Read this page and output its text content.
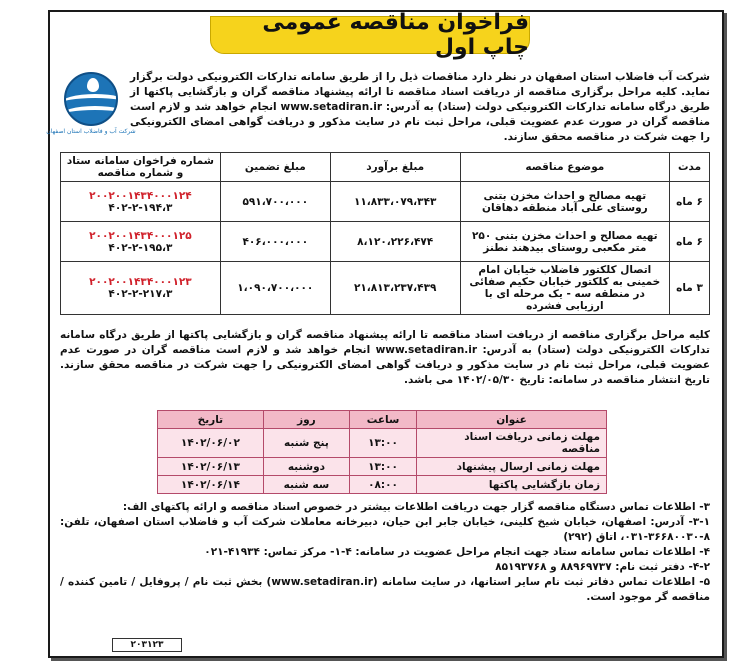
فراخوان مناقصه عمومی چاپ اول
شرکت آب و فاضلاب استان اصفهان
شرکت آب فاضلاب استان اصفهان در نظر دارد مناقصات ذیل را از طریق سامانه تدارکات الکترونیکی دولت برگزار نماید. کلیه مراحل برگزاری مناقصه از دریافت اسناد مناقصه تا ارائه پیشنهاد مناقصه گران و بازگشایی پاکتها از طریق درگاه سامانه تدارکات الکترونیکی دولت (ستاد) به آدرس: www.setadiran.ir انجام خواهد شد و لازم است مناقصه گران در صورت عدم عضویت قبلی، مراحل ثبت نام در سایت مذکور و دریافت گواهی امضای الکترونیکی را جهت شرکت در مناقصه محقق سازند.
مدت	موضوع مناقصه	مبلغ برآورد	مبلغ تضمین	شماره فراخوان سامانه ستاد و شماره مناقصه
۶ ماه	تهیه مصالح و احداث مخزن بتنی روستای علی آباد منطقه دهاقان	۱۱،۸۳۳،۰۷۹،۳۴۳	۵۹۱،۷۰۰،۰۰۰	۲۰۰۲۰۰۱۴۳۴۰۰۰۱۲۴
۴۰۲-۲-۱۹۴،۳

۶ ماه	تهیه مصالح و احداث مخزن بتنی ۲۵۰ متر مکعبی روستای بیدهند نطنز	۸،۱۲۰،۲۲۶،۴۷۴	۴۰۶،۰۰۰،۰۰۰	۲۰۰۲۰۰۱۴۳۴۰۰۰۱۲۵
۴۰۲-۲-۱۹۵،۳

۳ ماه	اتصال کلکتور فاضلاب خیابان امام خمینی به کلکتور خیابان حکیم صفائی در منطقه سه - یک مرحله ای با ارزیابی فشرده	۲۱،۸۱۳،۲۳۷،۴۳۹	۱،۰۹۰،۷۰۰،۰۰۰	۲۰۰۲۰۰۱۴۳۴۰۰۰۱۲۳
۴۰۲-۲-۲۱۷،۳
کلیه مراحل برگزاری مناقصه از دریافت اسناد مناقصه تا ارائه پیشنهاد مناقصه گران و بازگشایی پاکتها از طریق درگاه سامانه تدارکات الکترونیکی دولت (ستاد) به آدرس: www.setadiran.ir انجام خواهد شد و لازم است مناقصه گران در صورت عدم عضویت قبلی، مراحل ثبت نام در سایت مذکور و دریافت گواهی امضای الکترونیکی را جهت شرکت در مناقصه محقق سازند. تاریخ انتشار مناقصه در سامانه: تاریخ ۱۴۰۲/۰۵/۳۰ می باشد.
عنوان	ساعت	روز	تاریخ
مهلت زمانی دریافت اسناد مناقصه	۱۳:۰۰	پنج شنبه	۱۴۰۲/۰۶/۰۲
مهلت زمانی ارسال پیشنهاد	۱۳:۰۰	دوشنبه	۱۴۰۲/۰۶/۱۳
زمان بازگشایی پاکتها	۰۸:۰۰	سه شنبه	۱۴۰۲/۰۶/۱۴
۳- اطلاعات تماس دستگاه مناقصه گزار جهت دریافت اطلاعات بیشتر در خصوص اسناد مناقصه و ارائه پاکتهای الف:
۳-۱- آدرس: اصفهان، خیابان شیخ کلینی، خیابان جابر ابن حیان، دبیرخانه معاملات شرکت آب و فاضلاب استان اصفهان، تلفن: ۸-۳۶۶۸۰۰۳۰-۰۳۱، اتاق (۲۹۲)
۴- اطلاعات تماس سامانه ستاد جهت انجام مراحل عضویت در سامانه: ۴-۱- مرکز تماس: ۴۱۹۳۴-۰۲۱
۴-۲- دفتر ثبت نام: ۸۸۹۶۹۷۳۷ و ۸۵۱۹۳۷۶۸
۵- اطلاعات تماس دفاتر ثبت نام سایر استانها، در سایت سامانه (www.setadiran.ir) بخش ثبت نام / پروفایل / تامین کننده / مناقصه گر موجود است.
۲۰۳۱۲۳
